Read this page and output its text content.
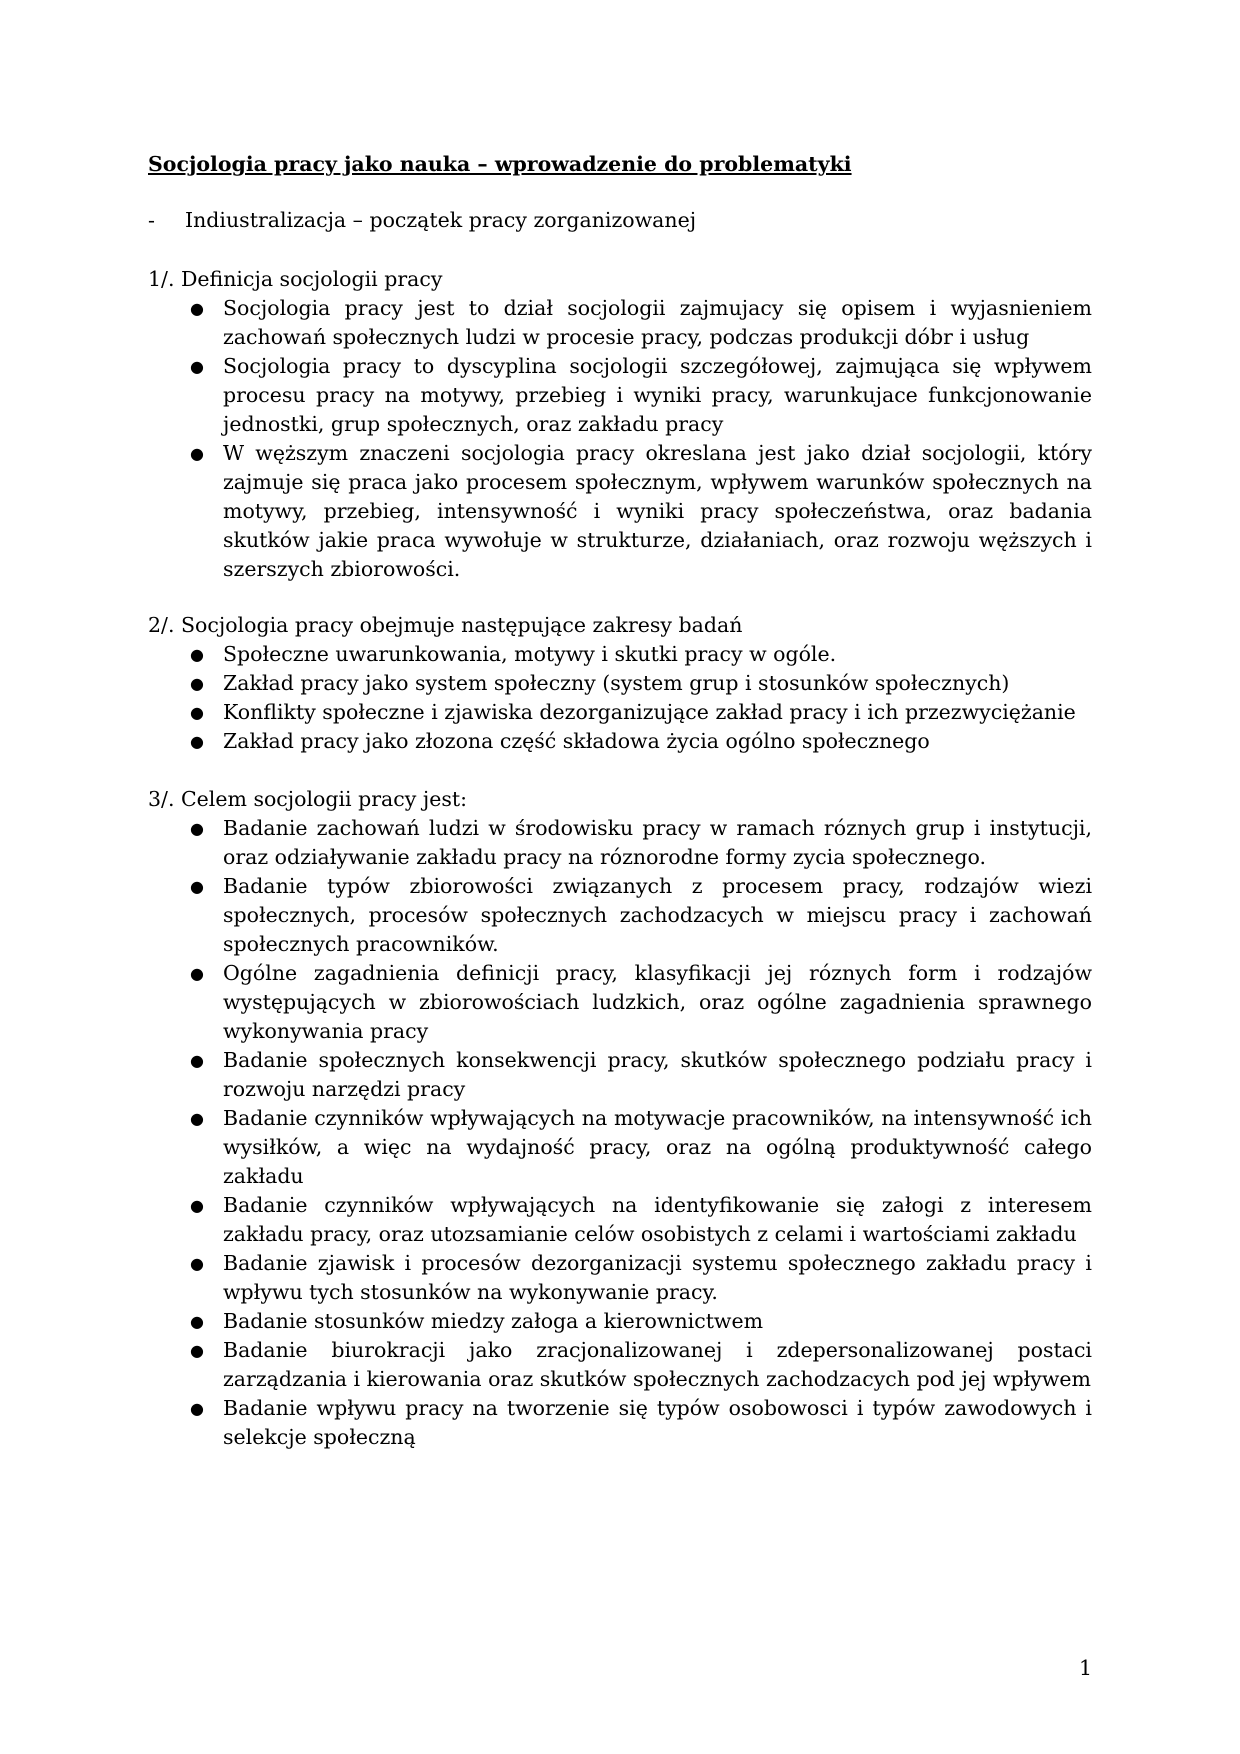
Socjologia pracy jako nauka – wprowadzenie do problematyki
- Indiustralizacja – początek pracy zorganizowanej
1/. Definicja socjologii pracy
● Socjologia pracy jest to dział socjologii zajmujacy się opisem i wyjasnieniem zachowań społecznych ludzi w procesie pracy, podczas produkcji dóbr i usług
● Socjologia pracy to dyscyplina socjologii szczegółowej, zajmująca się wpływem procesu pracy na motywy, przebieg i wyniki pracy, warunkujace funkcjonowanie jednostki, grup społecznych, oraz zakładu pracy
● W węższym znaczeni socjologia pracy okreslana jest jako dział socjologii, który zajmuje się praca jako procesem społecznym, wpływem warunków społecznych na motywy, przebieg, intensywność i wyniki pracy społeczeństwa, oraz badania skutków jakie praca wywołuje w strukturze, działaniach, oraz rozwoju węższych i szerszych zbiorowości.
2/. Socjologia pracy obejmuje następujące zakresy badań
● Społeczne uwarunkowania, motywy i skutki pracy w ogóle.
● Zakład pracy jako system społeczny (system grup i stosunków społecznych)
● Konflikty społeczne i zjawiska dezorganizujące zakład pracy i ich przezwyciężanie
● Zakład pracy jako złozona część składowa życia ogólno społecznego
3/. Celem socjologii pracy jest:
● Badanie zachowań ludzi w środowisku pracy w ramach róznych grup i instytucji, oraz odziaływanie zakładu pracy na róznorodne formy zycia społecznego.
● Badanie typów zbiorowości związanych z procesem pracy, rodzajów wiezi społecznych, procesów społecznych zachodzacych w miejscu pracy i zachowań społecznych pracowników.
● Ogólne zagadnienia definicji pracy, klasyfikacji jej róznych form i rodzajów występujących w zbiorowościach ludzkich, oraz ogólne zagadnienia sprawnego wykonywania pracy
● Badanie społecznych konsekwencji pracy, skutków społecznego podziału pracy i rozwoju narzędzi pracy
● Badanie czynników wpływających na motywacje pracowników, na intensywność ich wysiłków, a więc na wydajność pracy, oraz na ogólną produktywność całego zakładu
● Badanie czynników wpływających na identyfikowanie się załogi z interesem zakładu pracy, oraz utozsamianie celów osobistych z celami i wartościami zakładu
● Badanie zjawisk i procesów dezorganizacji systemu społecznego zakładu pracy i wpływu tych stosunków na wykonywanie pracy.
● Badanie stosunków miedzy załoga a kierownictwem
● Badanie biurokracji jako zracjonalizowanej i zdepersonalizowanej postaci zarządzania i kierowania oraz skutków społecznych zachodzacych pod jej wpływem
● Badanie wpływu pracy na tworzenie się typów osobowosci i typów zawodowych i selekcje społeczną
1
